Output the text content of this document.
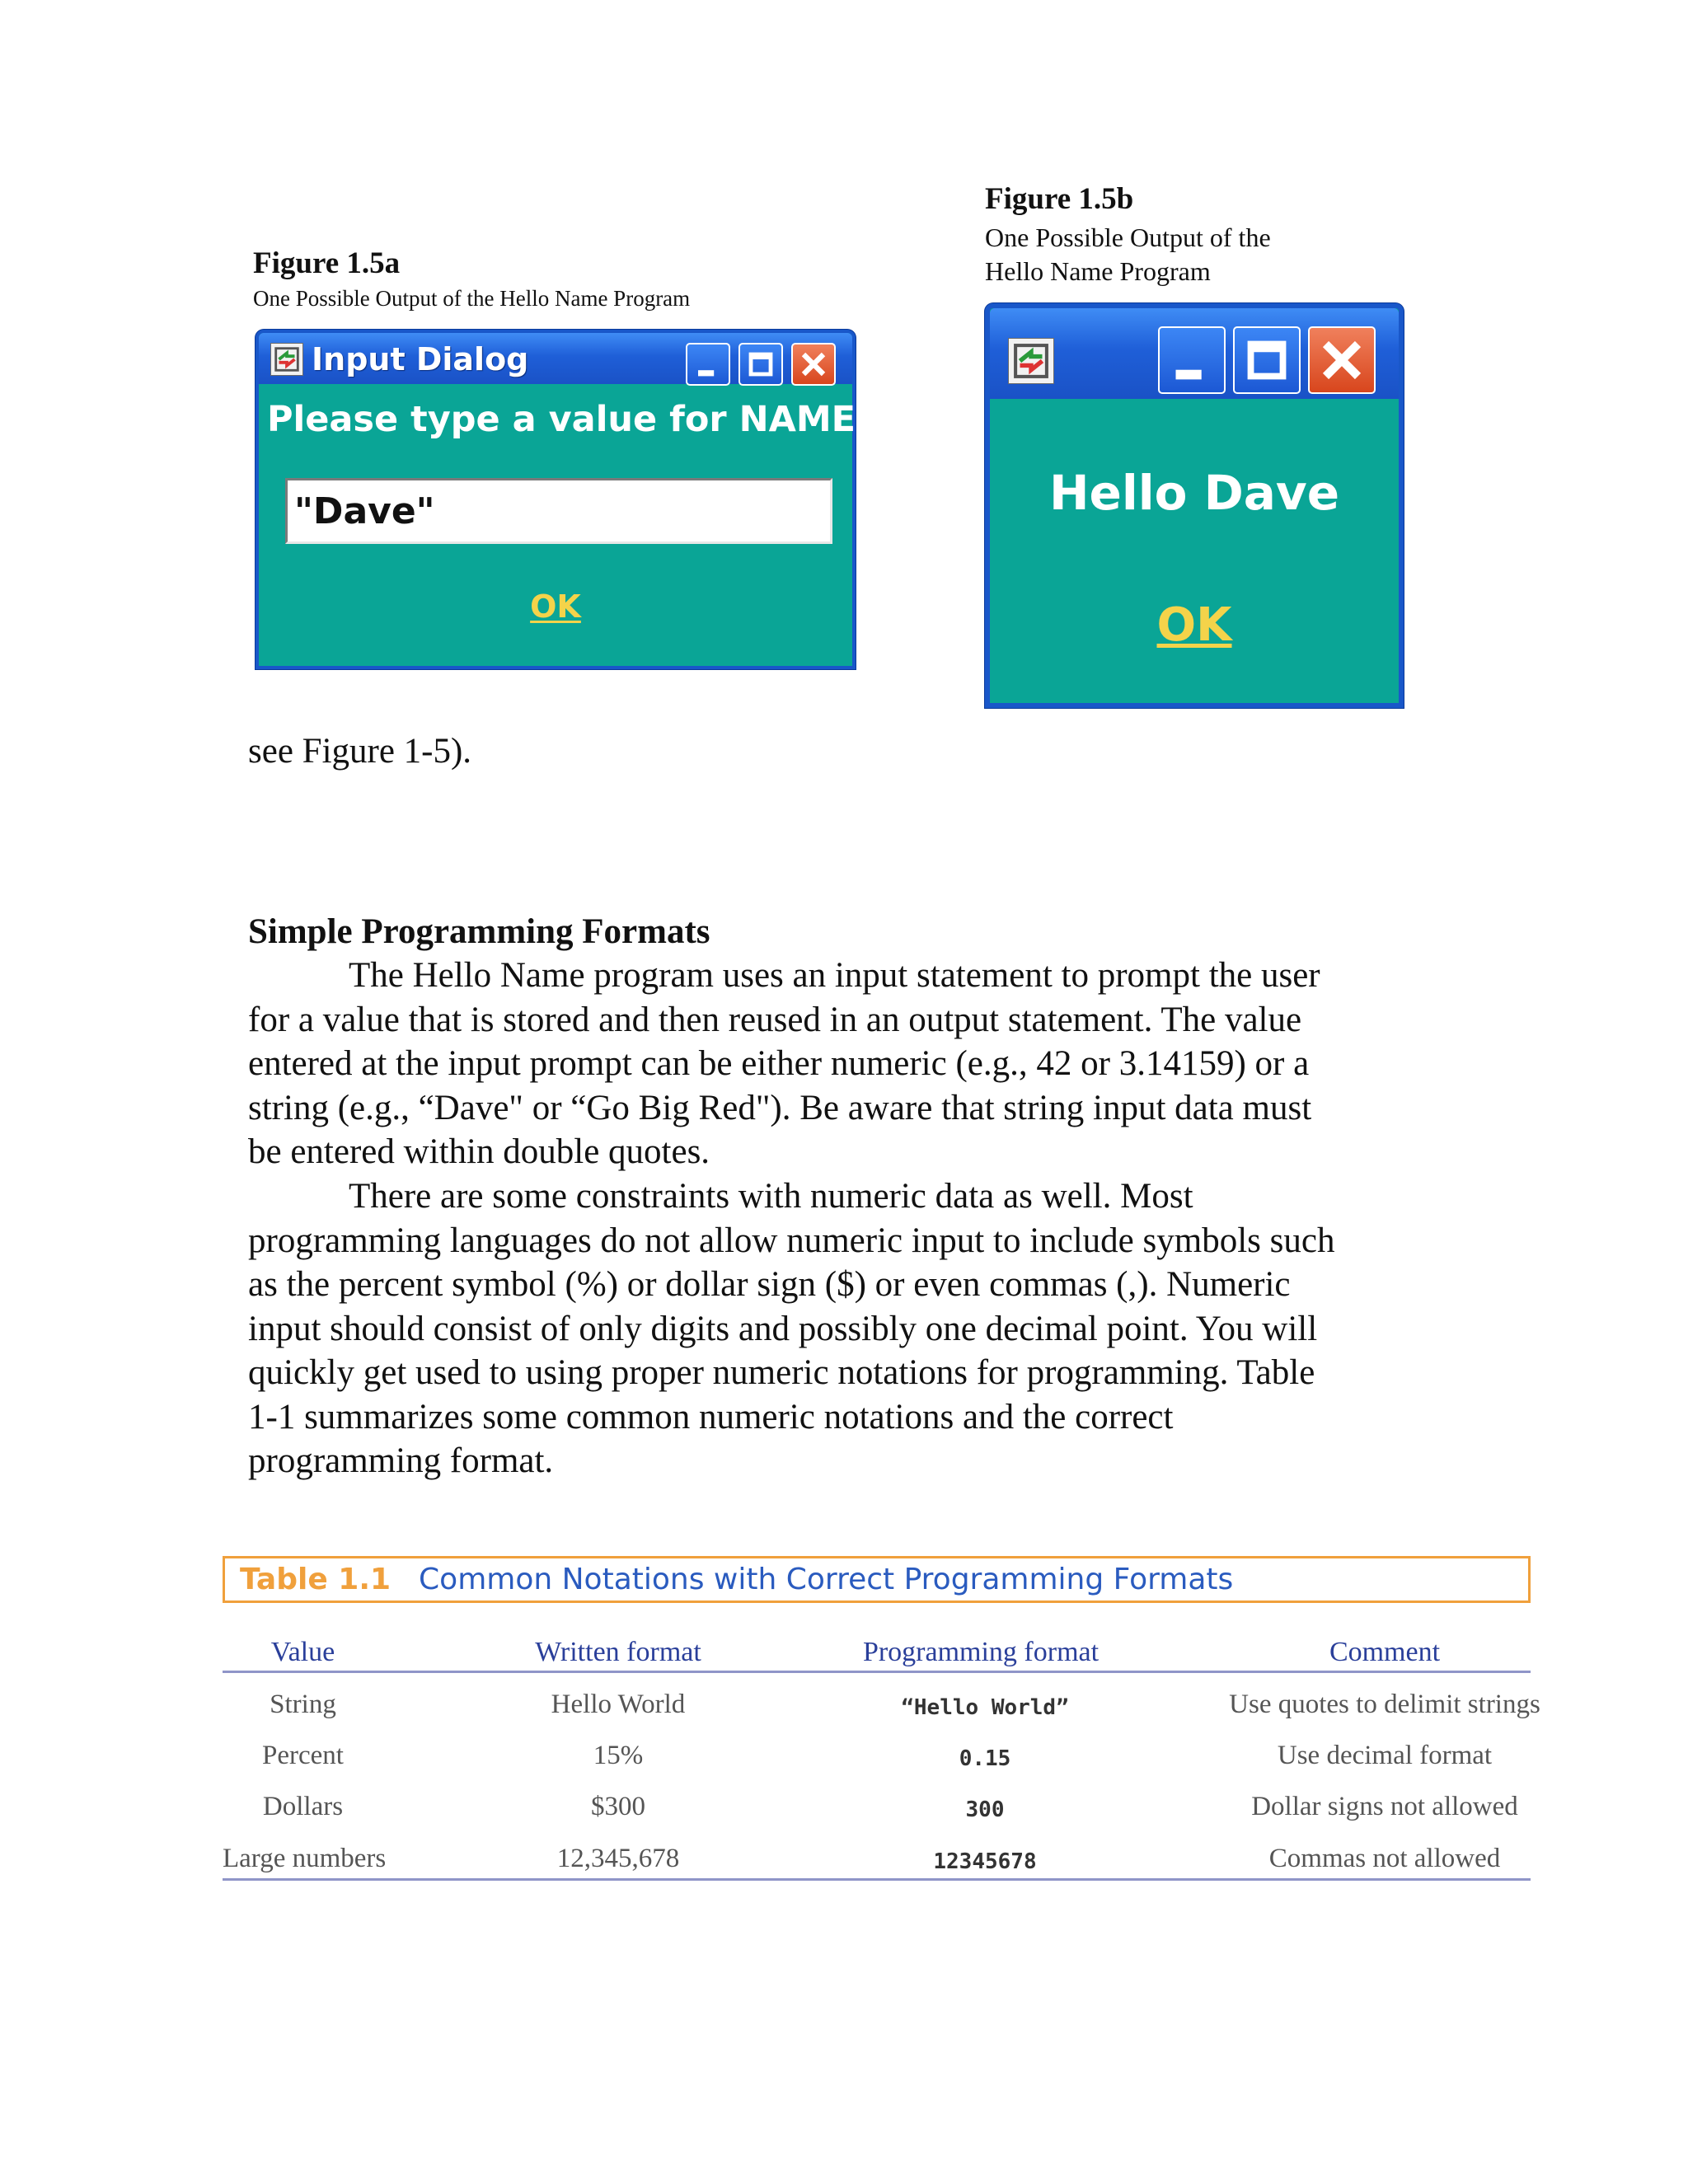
Figure 1.5a
One Possible Output of the Hello Name Program
Input Dialog
Please type a value for NAME:
"Dave"
OK
Figure 1.5b
One Possible Output of the
Hello Name Program
Hello Dave
OK
see Figure 1-5).
Simple Programming Formats
The Hello Name program uses an input statement to prompt the user
for a value that is stored and then reused in an output statement. The value
entered at the input prompt can be either numeric (e.g., 42 or 3.14159) or a
string (e.g., “Dave" or “Go Big Red"). Be aware that string input data must
be entered within double quotes.
There are some constraints with numeric data as well. Most
programming languages do not allow numeric input to include symbols such
as the percent symbol (%) or dollar sign ($) or even commas (,). Numeric
input should consist of only digits and possibly one decimal point. You will
quickly get used to using proper numeric notations for programming. Table
1-1 summarizes some common numeric notations and the correct
programming format.
Table 1.1 Common Notations with Correct Programming Formats
Value	Written format	Programming format	Comment
String	Hello World	“Hello World”	Use quotes to delimit strings
Percent	15%	0.15	Use decimal format
Dollars	$300	300	Dollar signs not allowed
Large numbers	12,345,678	12345678	Commas not allowed
